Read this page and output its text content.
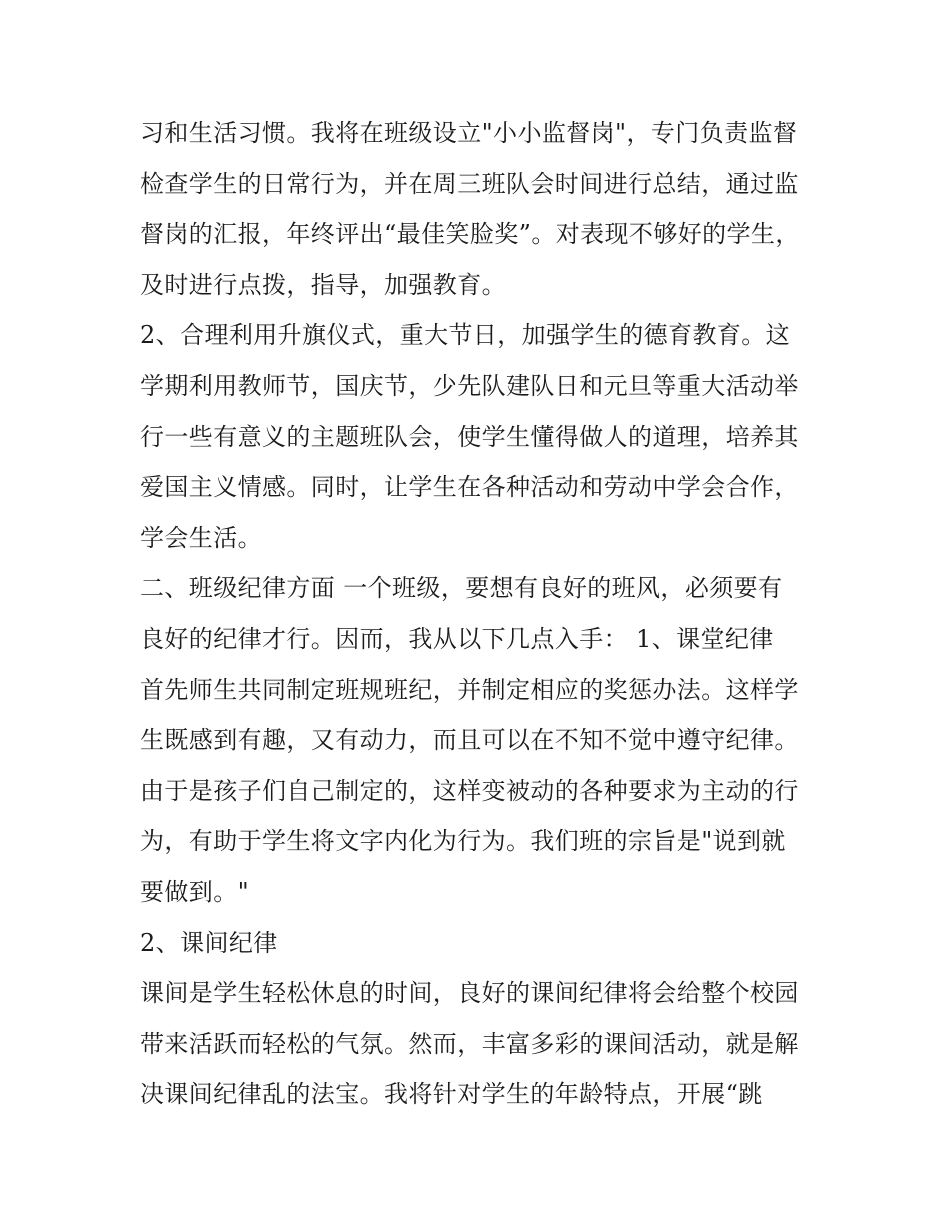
习和生活习惯。我将在班级设立"小小监督岗"，专门负责监督
检查学生的日常行为，并在周三班队会时间进行总结，通过监
督岗的汇报，年终评出“最佳笑脸奖”。对表现不够好的学生，
及时进行点拨，指导，加强教育。
2、合理利用升旗仪式，重大节日，加强学生的德育教育。这
学期利用教师节，国庆节，少先队建队日和元旦等重大活动举
行一些有意义的主题班队会，使学生懂得做人的道理，培养其
爱国主义情感。同时，让学生在各种活动和劳动中学会合作，
学会生活。
二、班级纪律方面 一个班级，要想有良好的班风，必须要有
良好的纪律才行。因而，我从以下几点入手： 1、课堂纪律
首先师生共同制定班规班纪，并制定相应的奖惩办法。这样学
生既感到有趣，又有动力，而且可以在不知不觉中遵守纪律。
由于是孩子们自己制定的，这样变被动的各种要求为主动的行
为，有助于学生将文字内化为行为。我们班的宗旨是"说到就
要做到。"
2、课间纪律
课间是学生轻松休息的时间，良好的课间纪律将会给整个校园
带来活跃而轻松的气氛。然而，丰富多彩的课间活动，就是解
决课间纪律乱的法宝。我将针对学生的年龄特点，开展“跳
